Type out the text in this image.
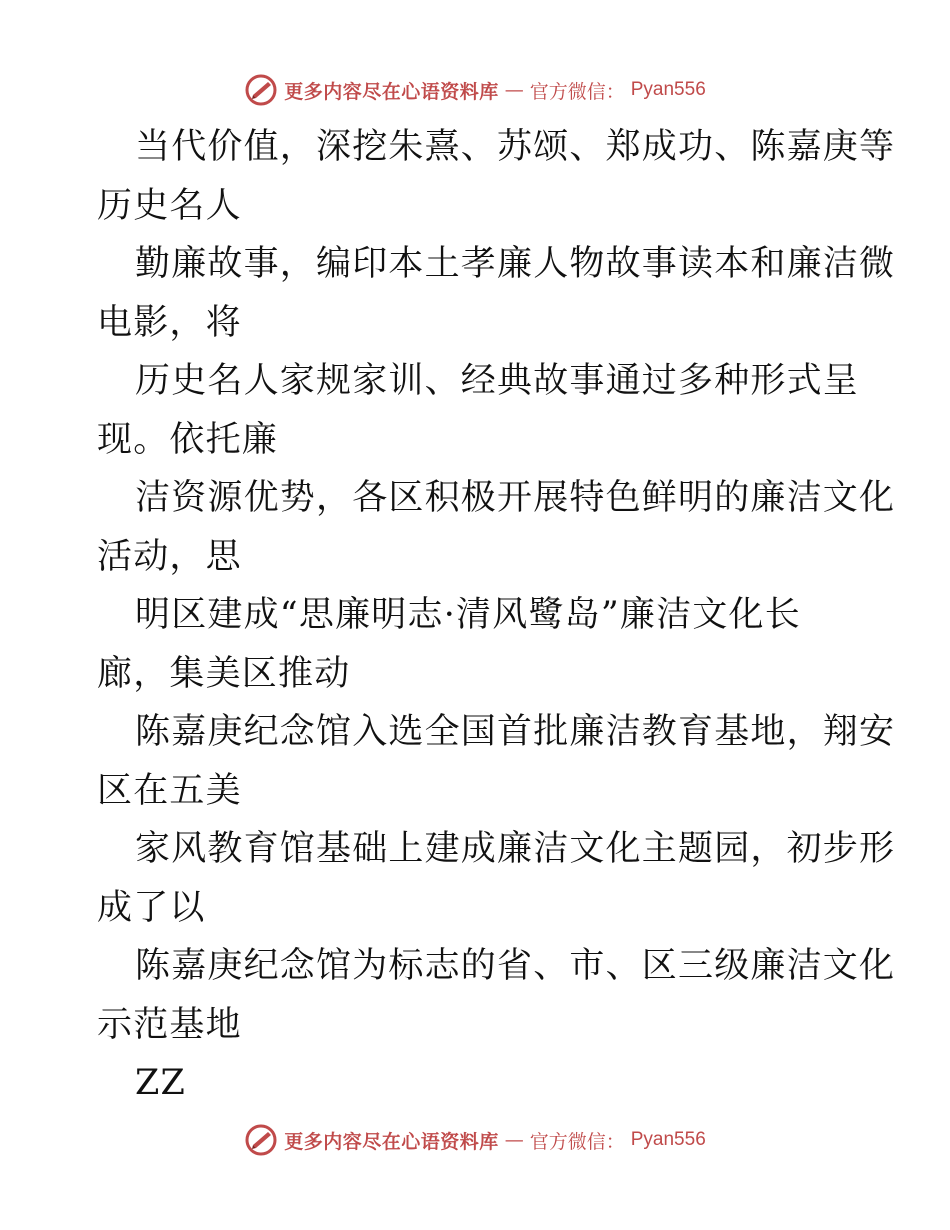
更多内容尽在心语资料库 — 官方微信： Pyan556

当代价值，深挖朱熹、苏颂、郑成功、陈嘉庚等
历史名人

勤廉故事，编印本土孝廉人物故事读本和廉洁微
电影，将

历史名人家规家训、经典故事通过多种形式呈
现。依托廉

洁资源优势，各区积极开展特色鲜明的廉洁文化
活动，思

明区建成“思廉明志·清风鹭岛”廉洁文化长
廊，集美区推动

陈嘉庚纪念馆入选全国首批廉洁教育基地，翔安
区在五美

家风教育馆基础上建成廉洁文化主题园，初步形
成了以

陈嘉庚纪念馆为标志的省、市、区三级廉洁文化
示范基地

ZZ

更多内容尽在心语资料库 — 官方微信： Pyan556
